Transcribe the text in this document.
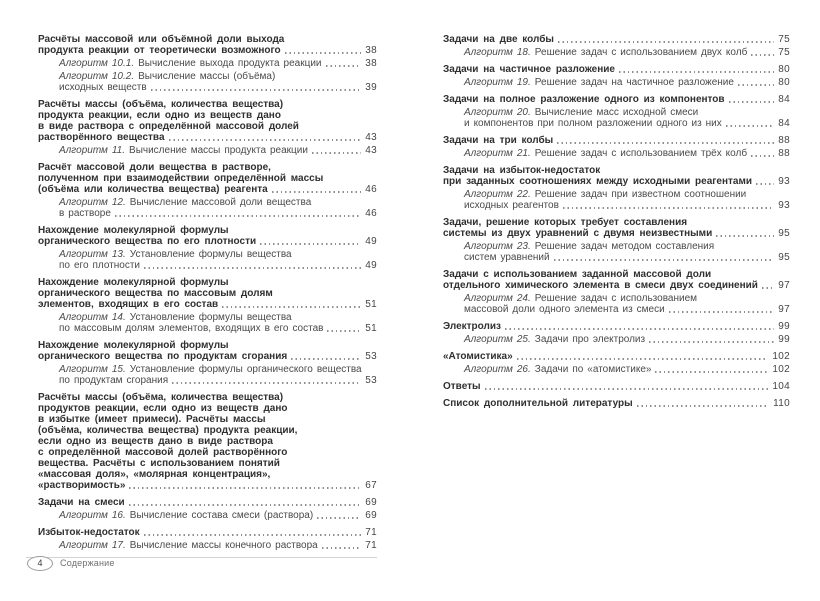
Расчёты массовой или объёмной доли выхода
продукта реакции от теоретически возможного	38
Алгоритм 10.1. Вычисление выхода продукта реакции	38
Алгоритм 10.2. Вычисление массы (объёма)
исходных веществ	39
Расчёты массы (объёма, количества вещества)
продукта реакции, если одно из веществ дано
в виде раствора с определённой массовой долей
растворённого вещества	43
Алгоритм 11. Вычисление массы продукта реакции	43
Расчёт массовой доли вещества в растворе,
полученном при взаимодействии определённой массы
(объёма или количества вещества) реагента	46
Алгоритм 12. Вычисление массовой доли вещества
в растворе	46
Нахождение молекулярной формулы
органического вещества по его плотности	49
Алгоритм 13. Установление формулы вещества
по его плотности	49
Нахождение молекулярной формулы
органического вещества по массовым долям
элементов, входящих в его состав	51
Алгоритм 14. Установление формулы вещества
по массовым долям элементов, входящих в его состав	51
Нахождение молекулярной формулы
органического вещества по продуктам сгорания	53
Алгоритм 15. Установление формулы органического вещества
по продуктам сгорания	53
Расчёты массы (объёма, количества вещества)
продуктов реакции, если одно из веществ дано
в избытке (имеет примеси). Расчёты массы
(объёма, количества вещества) продукта реакции,
если одно из веществ дано в виде раствора
с определённой массовой долей растворённого
вещества. Расчёты с использованием понятий
«массовая доля», «молярная концентрация»,
«растворимость»	67
Задачи на смеси	69
Алгоритм 16. Вычисление состава смеси (раствора)	69
Избыток-недостаток	71
Алгоритм 17. Вычисление массы конечного раствора	71
Задачи на две колбы	75
Алгоритм 18. Решение задач с использованием двух колб	75
Задачи на частичное разложение	80
Алгоритм 19. Решение задач на частичное разложение	80
Задачи на полное разложение одного из компонентов	84
Алгоритм 20. Вычисление масс исходной смеси
и компонентов при полном разложении одного из них	84
Задачи на три колбы	88
Алгоритм 21. Решение задач с использованием трёх колб	88
Задачи на избыток-недостаток
при заданных соотношениях между исходными реагентами	93
Алгоритм 22. Решение задач при известном соотношении
исходных реагентов	93
Задачи, решение которых требует составления
системы из двух уравнений с двумя неизвестными	95
Алгоритм 23. Решение задач методом составления
систем уравнений	95
Задачи с использованием заданной массовой доли
отдельного химического элемента в смеси двух соединений 97
Алгоритм 24. Решение задач с использованием
массовой доли одного элемента из смеси	97
Электролиз	99
Алгоритм 25. Задачи про электролиз	99
«Атомистика»	102
Алгоритм 26. Задачи по «атомистике»	102
Ответы	104
Список дополнительной литературы	110
4	Содержание
